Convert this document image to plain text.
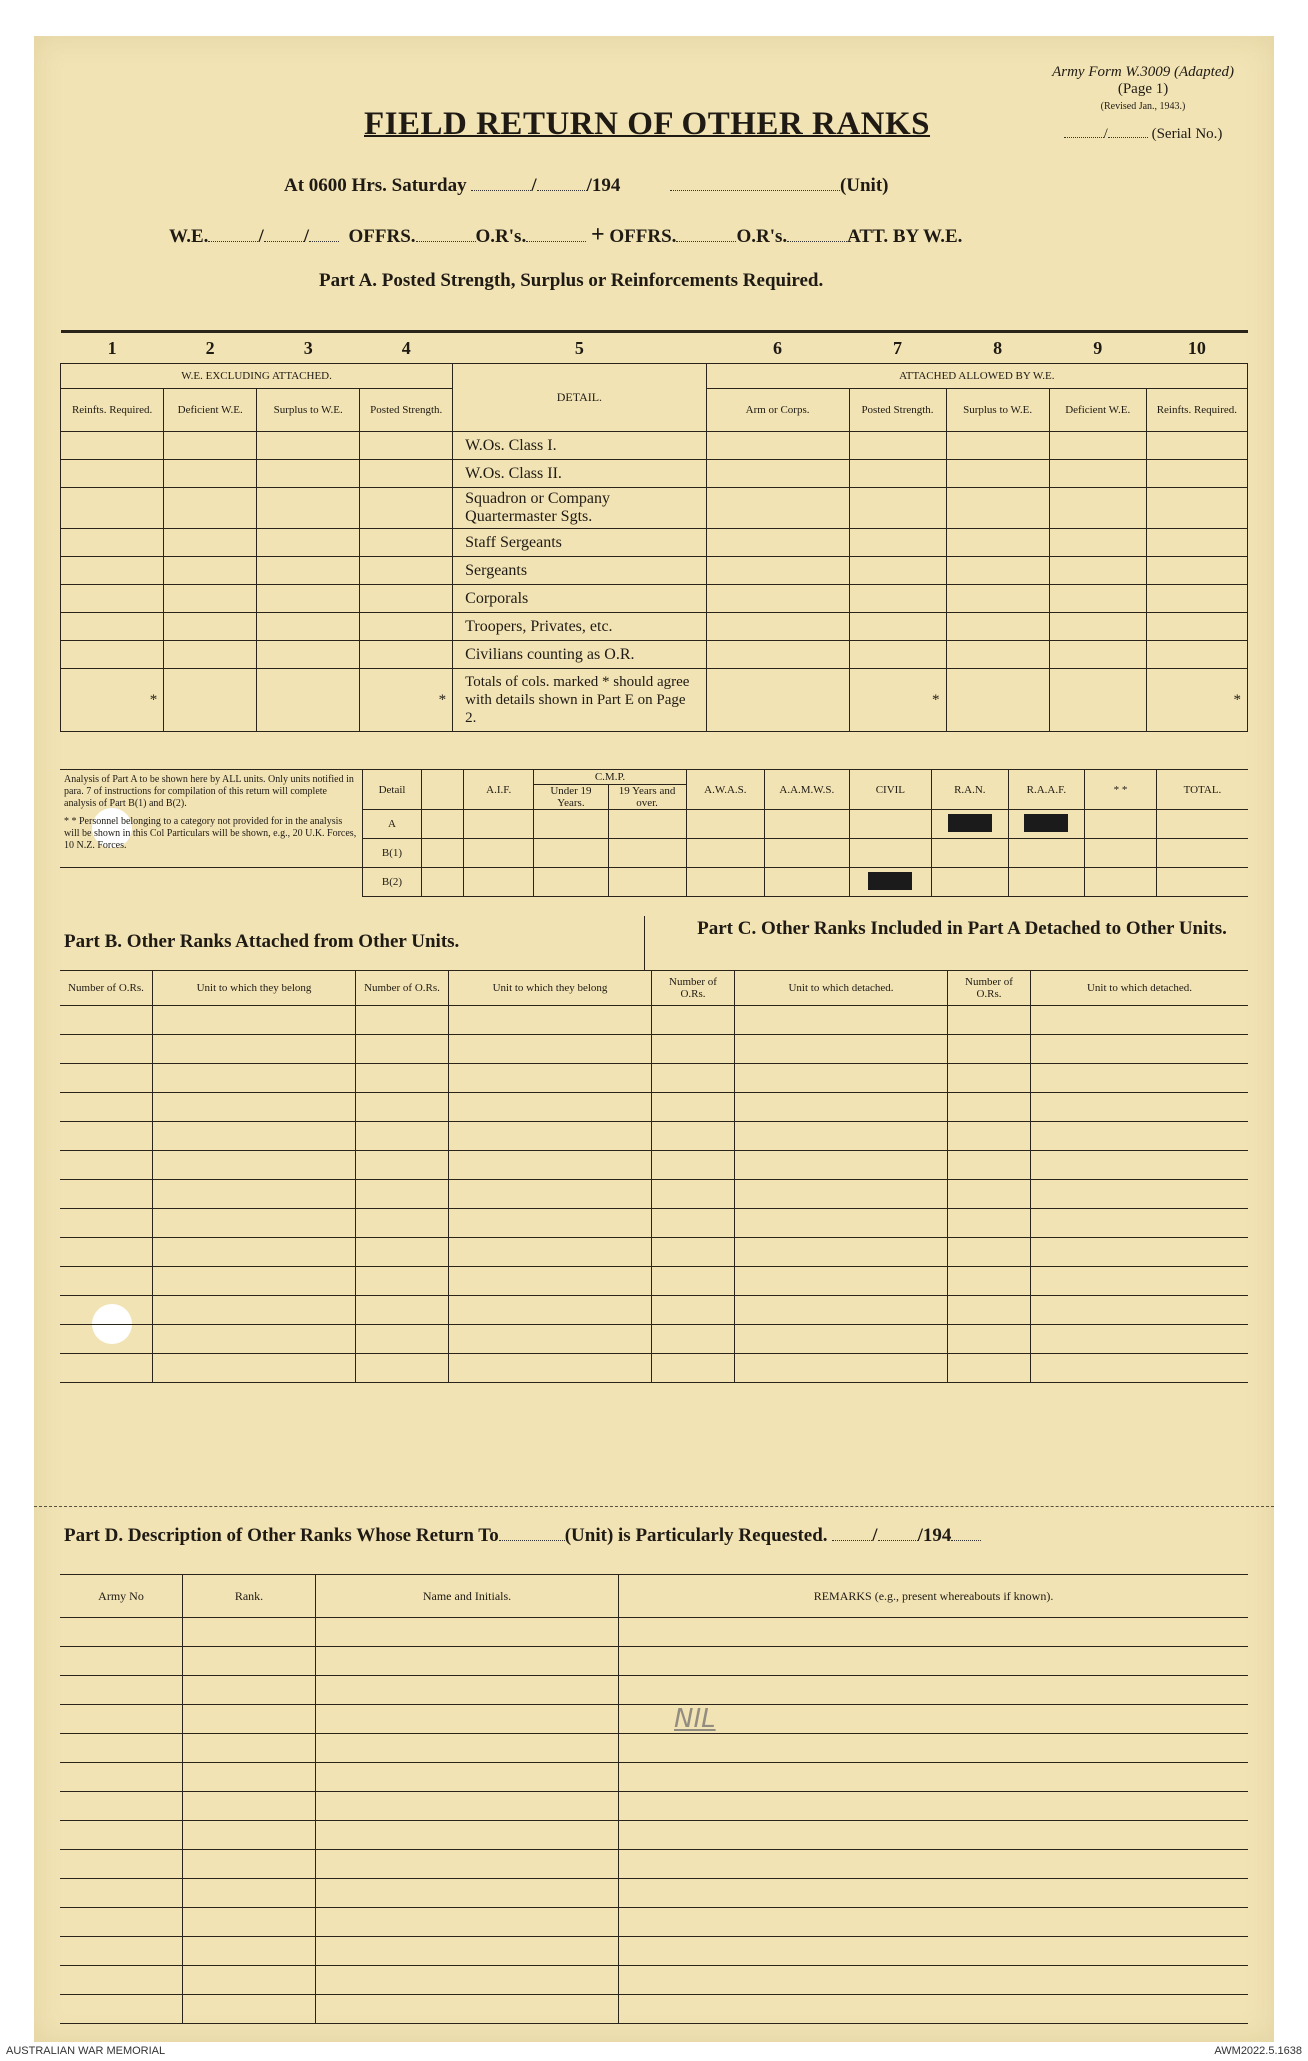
Army Form W.3009 (Adapted)
(Page 1)
(Revised Jan., 1943.)
/	(Serial No.)
FIELD RETURN OF OTHER RANKS
At 0600 Hrs. Saturday	/	/194	(Unit)
W.E.	/ / OFFRS.	O.R's.	+ OFFRS.	O.R's.	ATT. BY W.E.
Part A. Posted Strength, Surplus or Reinforcements Required.
1	2	3	4	5	6	7	8	9	10
W.E. EXCLUDING ATTACHED.				DETAIL.	ATTACHED ALLOWED BY W.E.				
Reinfts. Required.	Deficient W.E.	Surplus to W.E.	Posted Strength.		Arm or Corps.	Posted Strength.	Surplus to W.E.	Deficient W.E.	Reinfts. Required.
				W.Os. Class I.					
				W.Os. Class II.					
				Squadron or Company Quartermaster Sgts.					
				Staff Sergeants					
				Sergeants					
				Corporals					
				Troopers, Privates, etc.					
				Civilians counting as O.R.					
*			*	Totals of cols. marked * should agree with details shown in Part E on Page 2.		*			*
Analysis of Part A to be shown here by ALL units. Only units notified in para. 7 of instructions for compilation of this return will complete analysis of Part B(1) and B(2).
* * Personnel belonging to a category not provided for in the analysis will be shown in this Col Particulars will be shown, e.g., 20 U.K. Forces, 10 N.Z. Forces.	Detail		A.I.F.	C.M.P.		A.W.A.S.	A.A.M.W.S.	CIVIL	R.A.N.	R.A.A.F.	* *	TOTAL.
				Under 19 Years.	19 Years and over.							
	A											
	B(1)											
	B(2)											
Part B. Other Ranks Attached from Other Units.
Part C. Other Ranks Included in Part A Detached to Other Units.
Number of O.Rs.	Unit to which they belong	Number of O.Rs.	Unit to which they belong	Number of O.Rs.	Unit to which detached.	Number of O.Rs.	Unit to which detached.

Part D. Description of Other Ranks Whose Return To	(Unit) is Particularly Requested. / /194
Army No	Rank.	Name and Initials.	REMARKS (e.g., present whereabouts if known).

NIL
AUSTRALIAN WAR MEMORIAL	AWM2022.5.1638
